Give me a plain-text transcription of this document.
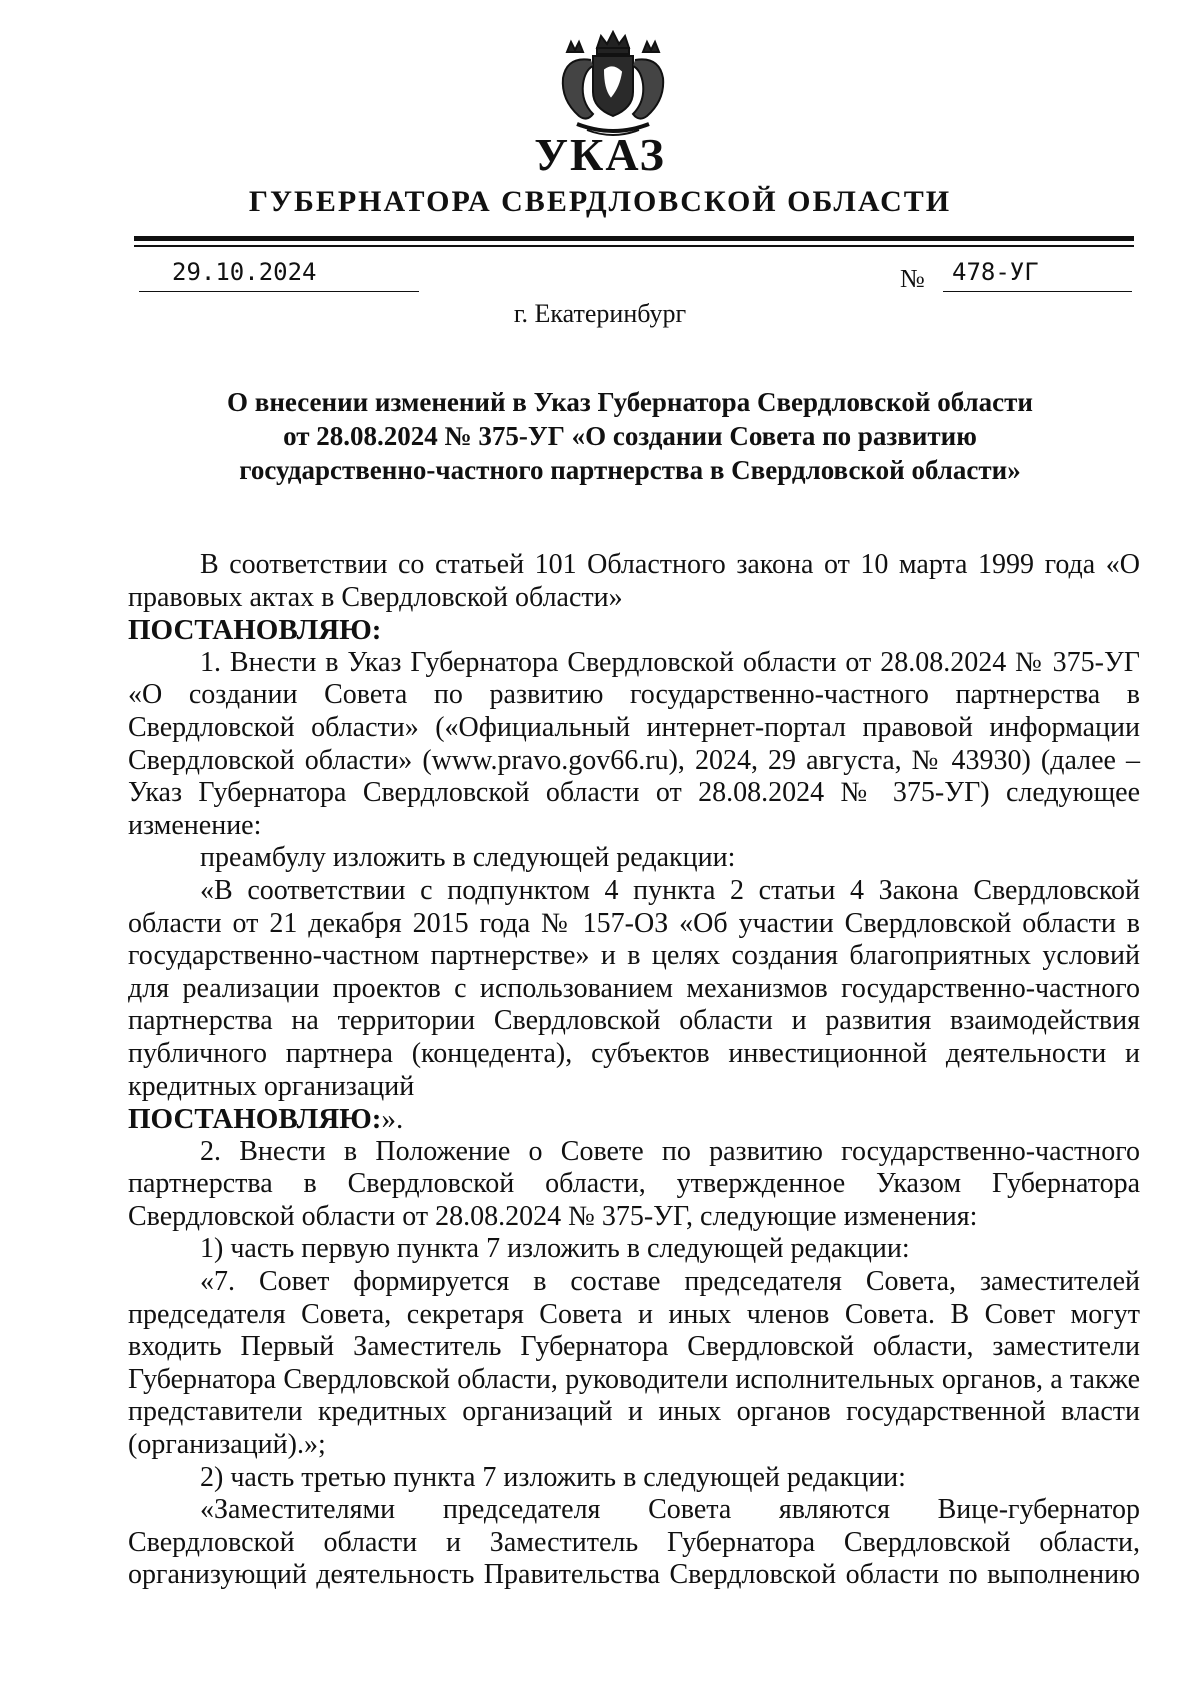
УКАЗ
ГУБЕРНАТОРА СВЕРДЛОВСКОЙ ОБЛАСТИ
29.10.2024	№ 478-УГ
г. Екатеринбург
О внесении изменений в Указ Губернатора Свердловской области
от 28.08.2024 № 375-УГ «О создании Совета по развитию
государственно-частного партнерства в Свердловской области»
В соответствии со статьей 101 Областного закона от 10 марта 1999 года «О правовых актах в Свердловской области»
ПОСТАНОВЛЯЮ:
1. Внести в Указ Губернатора Свердловской области от 28.08.2024 № 375-УГ «О создании Совета по развитию государственно-частного партнерства в Свердловской области» («Официальный интернет-портал правовой информации Свердловской области» (www.pravo.gov66.ru), 2024, 29 августа, № 43930) (далее – Указ Губернатора Свердловской области от 28.08.2024 № 375-УГ) следующее изменение:
преамбулу изложить в следующей редакции:
«В соответствии с подпунктом 4 пункта 2 статьи 4 Закона Свердловской области от 21 декабря 2015 года № 157-ОЗ «Об участии Свердловской области в государственно-частном партнерстве» и в целях создания благоприятных условий для реализации проектов с использованием механизмов государственно-частного партнерства на территории Свердловской области и развития взаимодействия публичного партнера (концедента), субъектов инвестиционной деятельности и кредитных организаций
ПОСТАНОВЛЯЮ:».
2. Внести в Положение о Совете по развитию государственно-частного партнерства в Свердловской области, утвержденное Указом Губернатора Свердловской области от 28.08.2024 № 375-УГ, следующие изменения:
1) часть первую пункта 7 изложить в следующей редакции:
«7. Совет формируется в составе председателя Совета, заместителей председателя Совета, секретаря Совета и иных членов Совета. В Совет могут входить Первый Заместитель Губернатора Свердловской области, заместители Губернатора Свердловской области, руководители исполнительных органов, а также представители кредитных организаций и иных органов государственной власти (организаций).»;
2) часть третью пункта 7 изложить в следующей редакции:
«Заместителями председателя Совета являются Вице-губернатор Свердловской области и Заместитель Губернатора Свердловской области, организующий деятельность Правительства Свердловской области по выполнению
